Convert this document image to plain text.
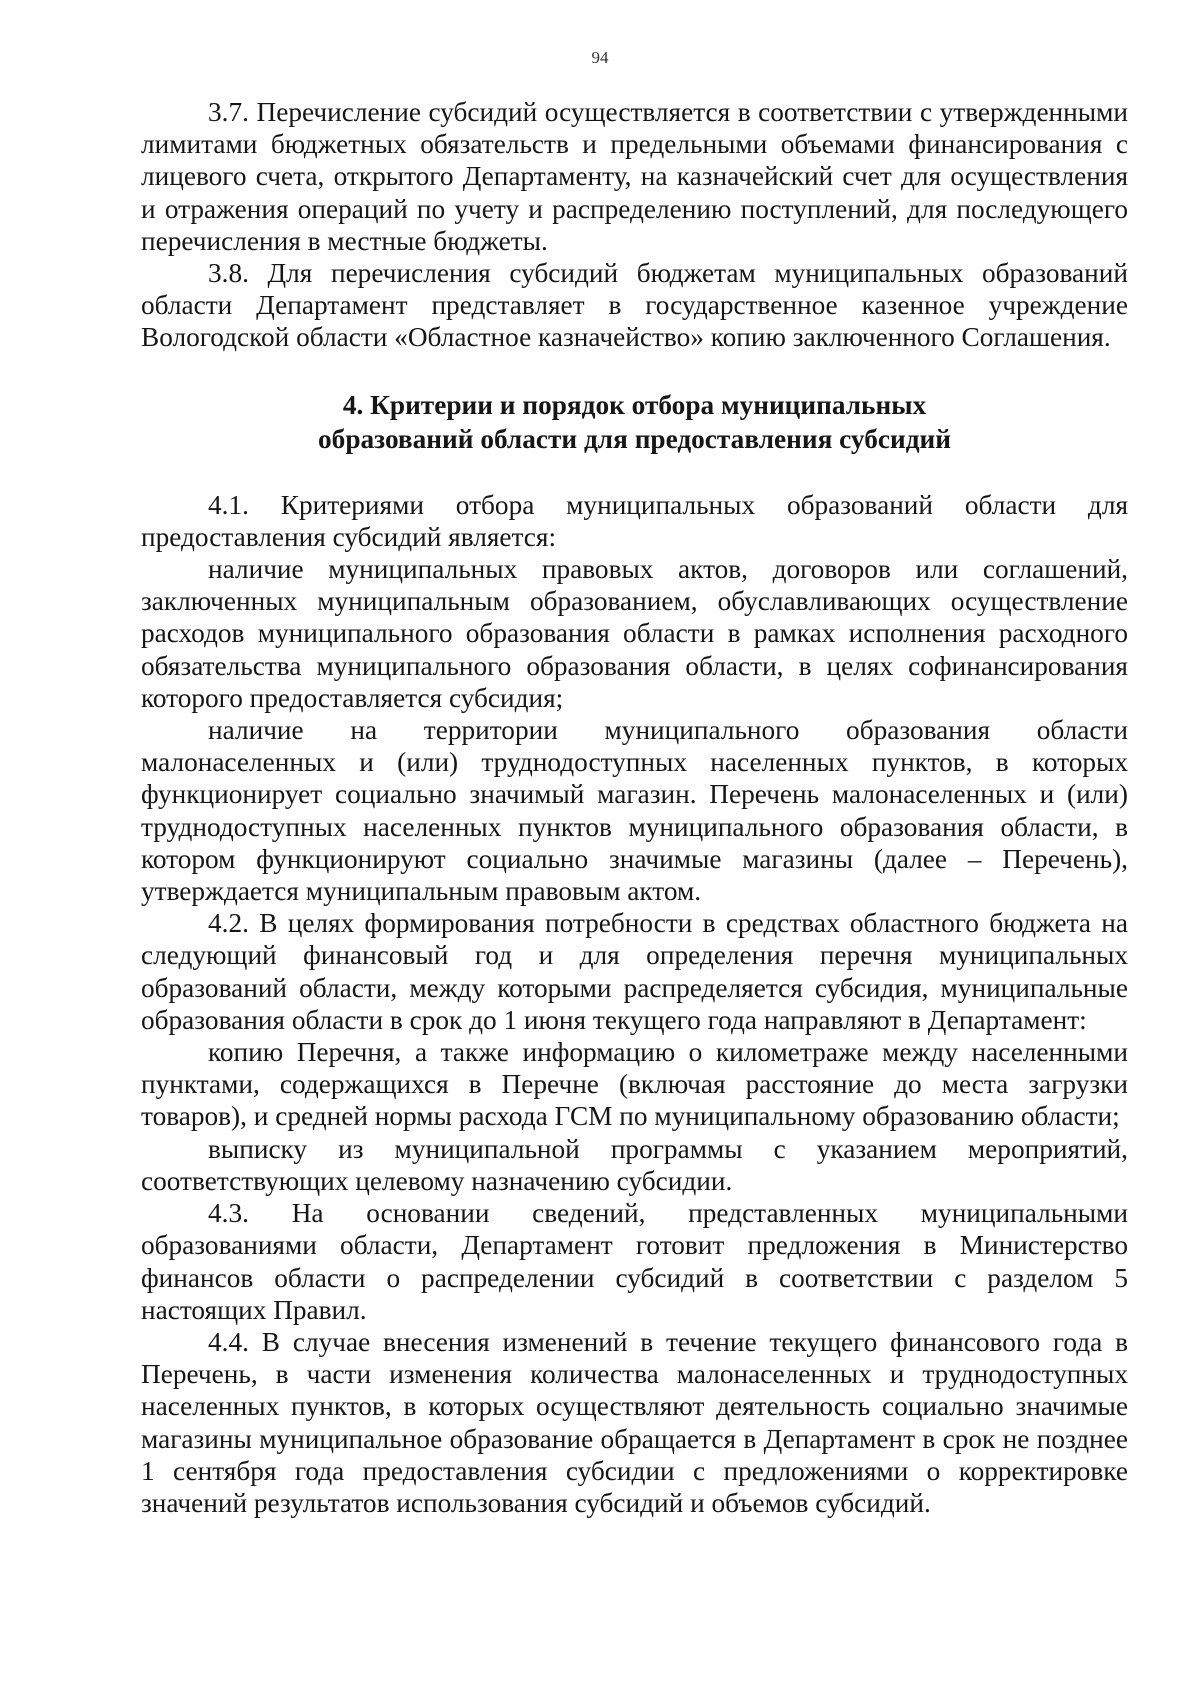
94

3.7. Перечисление субсидий осуществляется в соответствии с утвержденными лимитами бюджетных обязательств и предельными объемами финансирования с лицевого счета, открытого Департаменту, на казначейский счет для осуществления и отражения операций по учету и распределению поступлений, для последующего перечисления в местные бюджеты.

3.8. Для перечисления субсидий бюджетам муниципальных образований области Департамент представляет в государственное казенное учреждение Вологодской области «Областное казначейство» копию заключенного Соглашения.

4. Критерии и порядок отбора муниципальных
образований области для предоставления субсидий

4.1. Критериями отбора муниципальных образований области для предоставления субсидий является:

наличие муниципальных правовых актов, договоров или соглашений, заключенных муниципальным образованием, обуславливающих осуществление расходов муниципального образования области в рамках исполнения расходного обязательства муниципального образования области, в целях софинансирования которого предоставляется субсидия;

наличие на территории муниципального образования области малонаселенных и (или) труднодоступных населенных пунктов, в которых функционирует социально значимый магазин. Перечень малонаселенных и (или) труднодоступных населенных пунктов муниципального образования области, в котором функционируют социально значимые магазины (далее – Перечень), утверждается муниципальным правовым актом.

4.2. В целях формирования потребности в средствах областного бюджета на следующий финансовый год и для определения перечня муниципальных образований области, между которыми распределяется субсидия, муниципальные образования области в срок до 1 июня текущего года направляют в Департамент:

копию Перечня, а также информацию о километраже между населенными пунктами, содержащихся в Перечне (включая расстояние до места загрузки товаров), и средней нормы расхода ГСМ по муниципальному образованию области;

выписку из муниципальной программы с указанием мероприятий, соответствующих целевому назначению субсидии.

4.3. На основании сведений, представленных муниципальными образованиями области, Департамент готовит предложения в Министерство финансов области о распределении субсидий в соответствии с разделом 5 настоящих Правил.

4.4. В случае внесения изменений в течение текущего финансового года в Перечень, в части изменения количества малонаселенных и труднодоступных населенных пунктов, в которых осуществляют деятельность социально значимые магазины муниципальное образование обращается в Департамент в срок не позднее 1 сентября года предоставления субсидии с предложениями о корректировке значений результатов использования субсидий и объемов субсидий.
